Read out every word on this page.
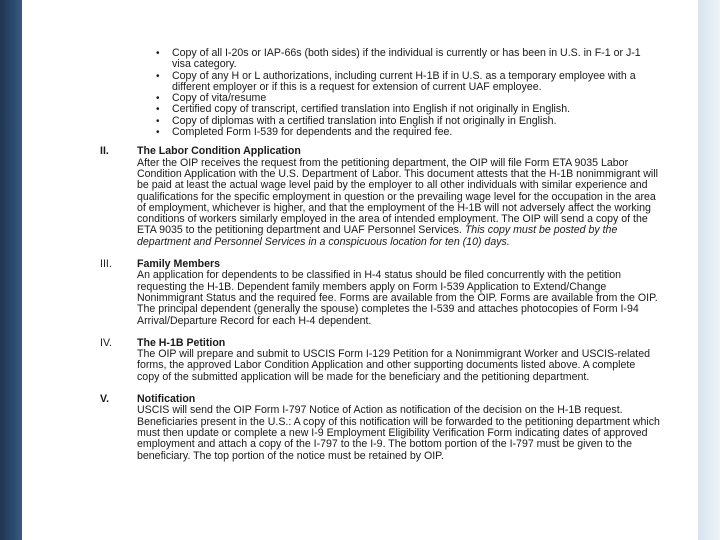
• Copy of all I-20s or IAP-66s (both sides) if the individual is currently or has been in U.S. in F-1 or J-1 visa category.
• Copy of any H or L authorizations, including current H-1B if in U.S. as a temporary employee with a different employer or if this is a request for extension of current UAF employee.
• Copy of vita/resume
• Certified copy of transcript, certified translation into English if not originally in English.
• Copy of diplomas with a certified translation into English if not originally in English.
• Completed Form I-539 for dependents and the required fee.
II.	The Labor Condition Application

After the OIP receives the request from the petitioning department, the OIP will file Form ETA 9035 Labor Condition Application with the U.S. Department of Labor. This document attests that the H-1B nonimmigrant will be paid at least the actual wage level paid by the employer to all other individuals with similar experience and qualifications for the specific employment in question or the prevailing wage level for the occupation in the area of employment, whichever is higher, and that the employment of the H-1B will not adversely affect the working conditions of workers similarly employed in the area of intended employment. The OIP will send a copy of the ETA 9035 to the petitioning department and UAF Personnel Services. This copy must be posted by the department and Personnel Services in a conspicuous location for ten (10) days.

III. Family Members

An application for dependents to be classified in H-4 status should be filed concurrently with the petition requesting the H-1B. Dependent family members apply on Form I-539 Application to Extend/Change Nonimmigrant Status and the required fee. Forms are available from the OIP. Forms are available from the OIP. The principal dependent (generally the spouse) completes the I-539 and attaches photocopies of Form I-94 Arrival/Departure Record for each H-4 dependent.

IV. The H-1B Petition

The OIP will prepare and submit to USCIS Form I-129 Petition for a Nonimmigrant Worker and USCIS-related forms, the approved Labor Condition Application and other supporting documents listed above. A complete copy of the submitted application will be made for the beneficiary and the petitioning department.

V.	Notification

USCIS will send the OIP Form I-797 Notice of Action as notification of the decision on the H-1B request.

Beneficiaries present in the U.S.: A copy of this notification will be forwarded to the petitioning department which must then update or complete a new I-9 Employment Eligibility Verification Form indicating dates of approved employment and attach a copy of the I-797 to the I-9. The bottom portion of the I-797 must be given to the beneficiary. The top portion of the notice must be retained by OIP.
